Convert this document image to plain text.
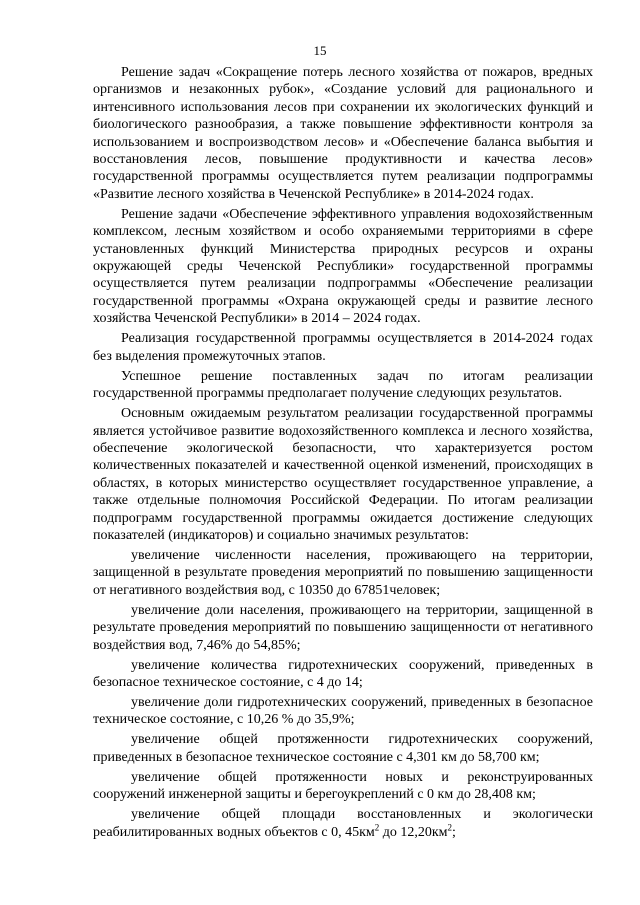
15

Решение задач «Сокращение потерь лесного хозяйства от пожаров, вредных организмов и незаконных рубок», «Создание условий для рационального и интенсивного использования лесов при сохранении их экологических функций и биологического разнообразия, а также повышение эффективности контроля за использованием и воспроизводством лесов» и «Обеспечение баланса выбытия и восстановления лесов, повышение продуктивности и качества лесов» государственной программы осуществляется путем реализации подпрограммы «Развитие лесного хозяйства в Чеченской Республике» в 2014-2024 годах.

Решение задачи «Обеспечение эффективного управления водохозяйственным комплексом, лесным хозяйством и особо охраняемыми территориями в сфере установленных функций Министерства природных ресурсов и охраны окружающей среды Чеченской Республики» государственной программы осуществляется путем реализации подпрограммы «Обеспечение реализации государственной программы «Охрана окружающей среды и развитие лесного хозяйства Чеченской Республики» в 2014 – 2024 годах.

Реализация государственной программы осуществляется в 2014-2024 годах без выделения промежуточных этапов.

Успешное решение поставленных задач по итогам реализации государственной программы предполагает получение следующих результатов.

Основным ожидаемым результатом реализации государственной программы является устойчивое развитие водохозяйственного комплекса и лесного хозяйства, обеспечение экологической безопасности, что характеризуется ростом количественных показателей и качественной оценкой изменений, происходящих в областях, в которых министерство осуществляет государственное управление, а также отдельные полномочия Российской Федерации. По итогам реализации подпрограмм государственной программы ожидается достижение следующих показателей (индикаторов) и социально значимых результатов:

увеличение численности населения, проживающего на территории, защищенной в результате проведения мероприятий по повышению защищенности от негативного воздействия вод, с 10350 до 67851человек;

увеличение доли населения, проживающего на территории, защищенной в результате проведения мероприятий по повышению защищенности от негативного воздействия вод, 7,46% до 54,85%;

увеличение количества гидротехнических сооружений, приведенных в безопасное техническое состояние, с 4 до 14;

увеличение доли гидротехнических сооружений, приведенных в безопасное техническое состояние, с 10,26 % до 35,9%;

увеличение общей протяженности гидротехнических сооружений, приведенных в безопасное техническое состояние с 4,301 км до 58,700 км;

увеличение общей протяженности новых и реконструированных сооружений инженерной защиты и берегоукреплений с 0 км до 28,408 км;

увеличение общей площади восстановленных и экологически реабилитированных водных объектов с 0, $45км^2$ до $12,20км^2$;
